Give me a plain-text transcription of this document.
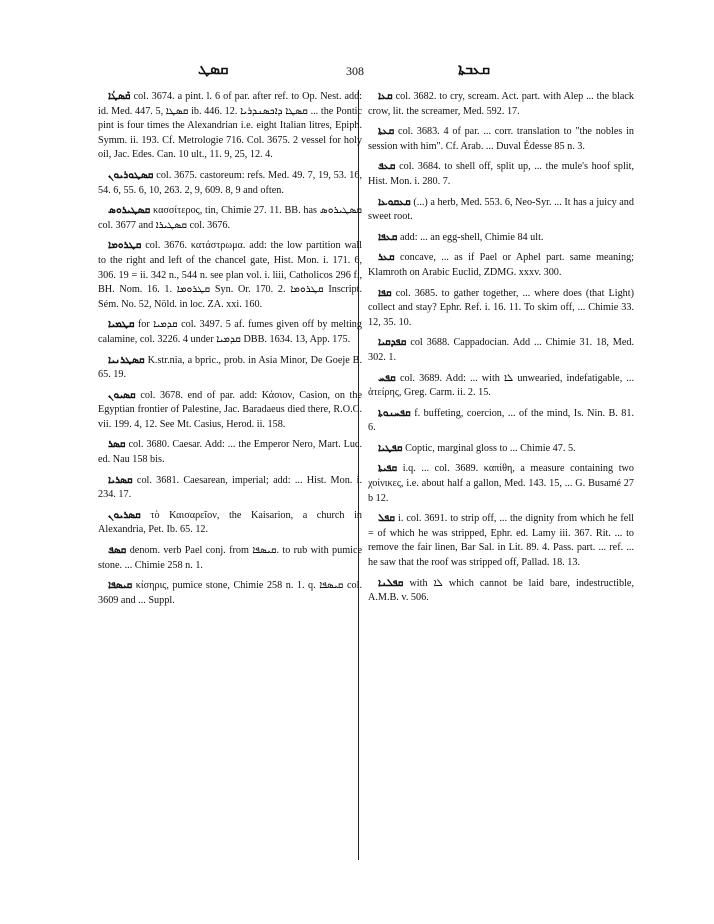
ܩܣܛ	308	ܩܥܒܬܐ

ܩܶܣܛܳܐ col. 3674. a pint. l. 6 of par. after ref. to Op. Nest. add: id. Med. 447. 5, ܩܣܛܐ ib. 446. 12. ܩܣܛܐ ܕܐܟܣܢܕܪܝܐ ... the Pontic pint is four times the Alexandrian i.e. eight Italian litres, Epiph. Symm. ii. 193. Cf. Metrologie 716. Col. 3675. 2 vessel for holy oil, Jac. Edes. Can. 10 ult., 11. 9, 25, 12. 4.

ܩܣܛܘܪܝܘܢ col. 3675. castoreum: refs. Med. 49. 7, 19, 53. 16, 54. 6, 55. 6, 10, 263. 2, 9, 609. 8, 9 and often.

ܩܣܛܝܪܘܣ κασσίτερος, tin, Chimie 27. 11. BB. has ܩܣܛܝܪܘܣ col. 3677 and ܩܣܛܝܪܐ col. 3676.

ܩܛܪܘܡܐ col. 3676. κατάστρωμα. add: the low partition wall to the right and left of the chancel gate, Hist. Mon. i. 171. 6, 306. 19 = ii. 342 n., 544 n. see plan vol. i. liii, Catholicos 296 f., BH. Nom. 16. 1. ܩܛܪܘܡܐ Syn. Or. 170. 2. ܩܛܪܘܡܐ Inscript. Sém. No. 52, Nöld. in loc. ZA. xxi. 160.

ܩܛܡܝܐ for ܩܕܡܝܐ col. 3497. 5 af. fumes given off by melting calamine, col. 3226. 4 under ܩܕܡܝܐ DBB. 1634. 13, App. 175.

ܩܣܛܪܢܝܐ K.str.nia, a bpric., prob. in Asia Minor, De Goeje B. 65. 19.

ܩܣܝܘܢ col. 3678. end of par. add: Κάσιον, Casion, on the Egyptian frontier of Palestine, Jac. Baradaeus died there, R.O.C. vii. 199. 4, 12. See Mt. Casius, Herod. ii. 158.

ܩܣܪ col. 3680. Caesar. Add: ... the Emperor Nero, Mart. Luc. ed. Nau 158 bis.

ܩܣܪܝܐ col. 3681. Caesarean, imperial; add: ... Hist. Mon. i. 234. 17.

ܩܣܪܝܘܢ τὸ Καισαρεῖον, the Kaisarion, a church in Alexandria, Pet. Ib. 65. 12.

ܩܣܦ denom. verb Pael conj. from ܩܝܣܦܐ. to rub with pumice stone. ... Chimie 258 n. 1.

ܩܝܣܦܐ κίσηρις, pumice stone, Chimie 258 n. 1. q. ܩܝܣܦܐ col. 3609 and ... Suppl.

ܩܥܐ col. 3682. to cry, scream. Act. part. with Alep ... the black crow, lit. the screamer, Med. 592. 17.

ܩܥܬܐ col. 3683. 4 of par. ... corr. translation to "the nobles in session with him". Cf. Arab. ... Duval Édesse 85 n. 3.

ܩܥܦ col. 3684. to shell off, split up, ... the mule's hoof split, Hist. Mon. i. 280. 7.

ܩܥܩܘܥܐ (...) a herb, Med. 553. 6, Neo-Syr. ... It has a juicy and sweet root.

ܩܥܦܐ add: ... an egg-shell, Chimie 84 ult.

ܩܥܪ concave, ... as if Pael or Aphel part. same meaning; Klamroth on Arabic Euclid, ZDMG. xxxv. 300.

ܩܦܐ col. 3685. to gather together, ... where does (that Light) collect and stay? Ephr. Ref. i. 16. 11. To skim off, ... Chimie 33. 12, 35. 10.

ܩܦܕܩܝܐ col 3688. Cappadocian. Add ... Chimie 31. 18, Med. 302. 1.

ܩܦܚ col. 3689. Add: ... with ܠܐ unwearied, indefatigable, ... ἀτείρης, Greg. Carm. ii. 2. 15.

ܩܦܚܢܘܬܐ f. buffeting, coercion, ... of the mind, Is. Nin. B. 81. 6.

ܩܦܛܝܐ Coptic, marginal gloss to ... Chimie 47. 5.

ܩܦܝܬܐ i.q. ... col. 3689. καπίθη, a measure containing two χοίνικες, i.e. about half a gallon, Med. 143. 15, ... G. Busamé 27 b 12.

ܩܦܠ i. col. 3691. to strip off, ... the dignity from which he fell = of which he was stripped, Ephr. ed. Lamy iii. 367. Rit. ... to remove the fair linen, Bar Sal. in Lit. 89. 4. Pass. part. ... ref. ... he saw that the roof was stripped off, Pallad. 18. 13.

ܩܦܠܢܐ with ܠܐ which cannot be laid bare, indestructible, A.M.B. v. 506.
